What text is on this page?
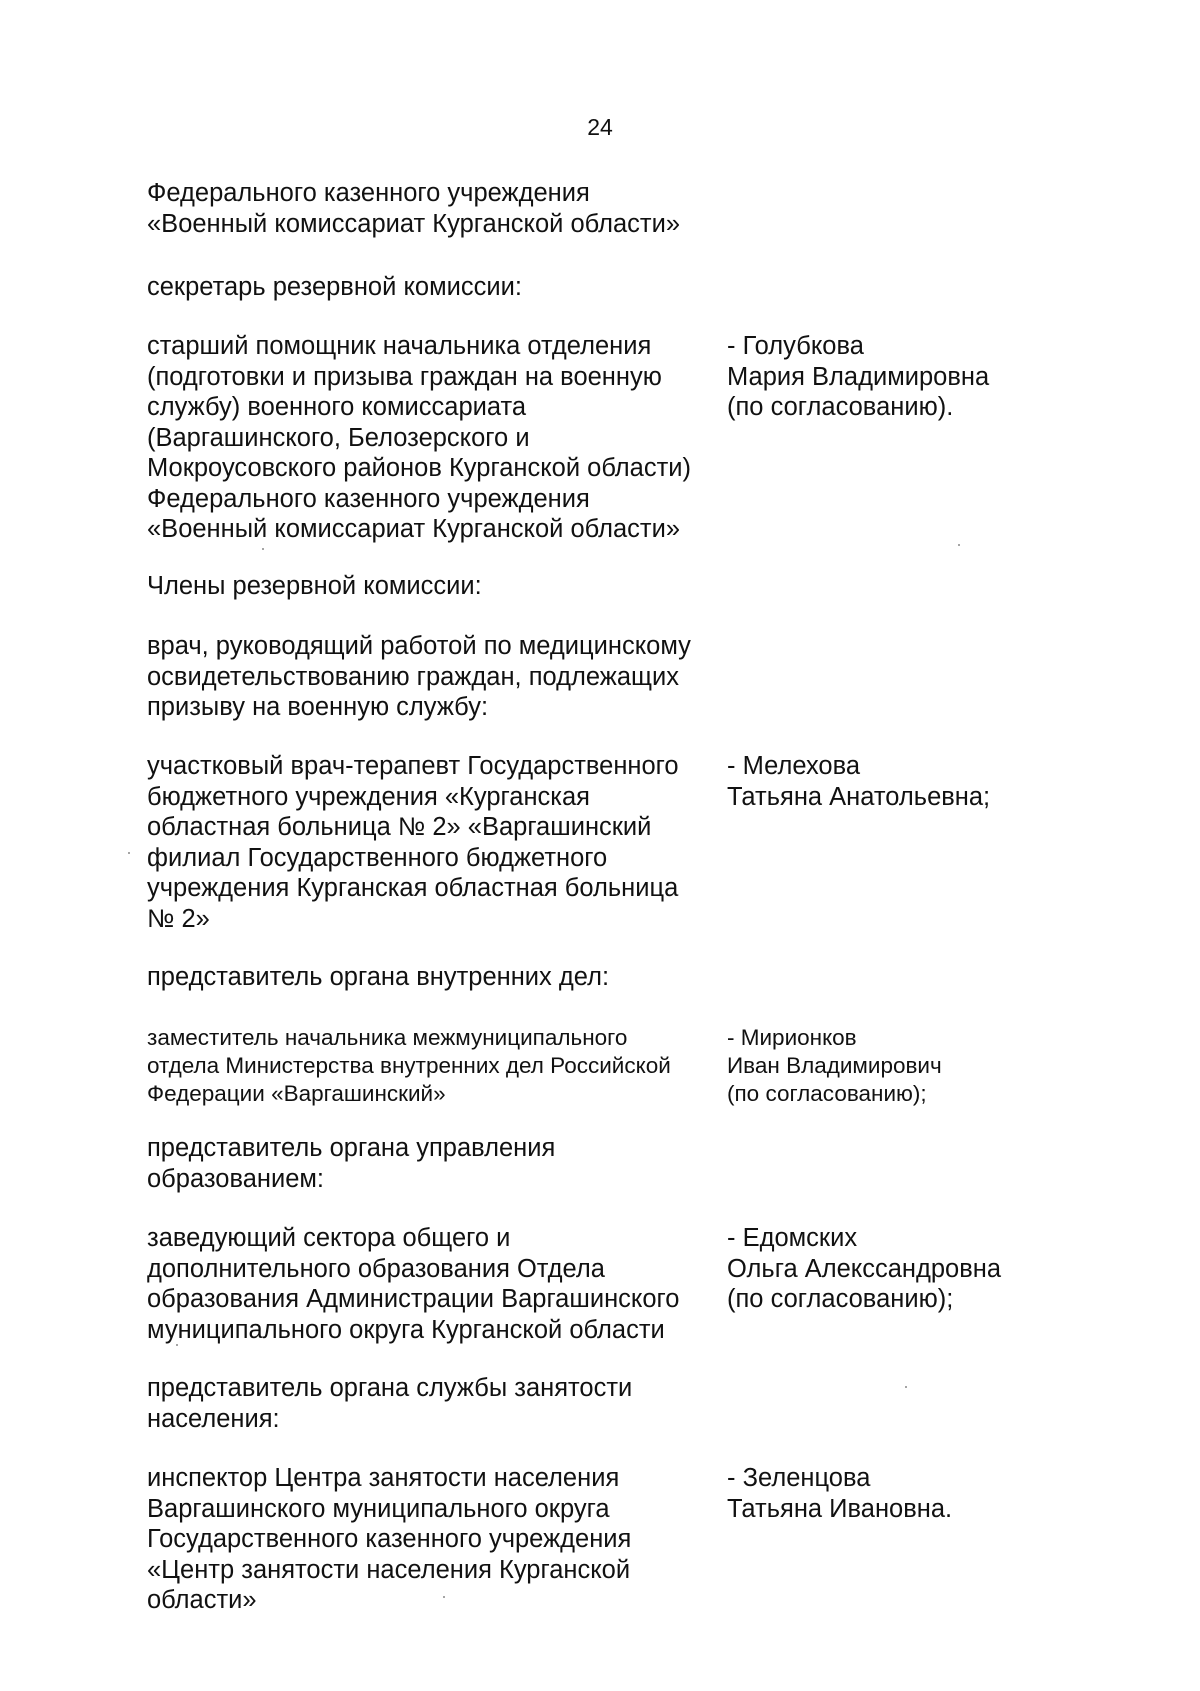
24
Федерального казенного учреждения
«Военный комиссариат Курганской области»
секретарь резервной комиссии:
старший помощник начальника отделения
(подготовки и призыва граждан на военную
службу) военного комиссариата
(Варгашинского, Белозерского и
Мокроусовского районов Курганской области)
Федерального казенного учреждения
«Военный комиссариат Курганской области»
- Голубкова
Мария Владимировна
(по согласованию).
Члены резервной комиссии:
врач, руководящий работой по медицинскому
освидетельствованию граждан, подлежащих
призыву на военную службу:
участковый врач-терапевт Государственного
бюджетного учреждения «Курганская
областная больница № 2» «Варгашинский
филиал Государственного бюджетного
учреждения Курганская областная больница
№ 2»
- Мелехова
Татьяна Анатольевна;
представитель органа внутренних дел:
заместитель начальника межмуниципального
отдела Министерства внутренних дел Российской
Федерации «Варгашинский»
- Мирионков
Иван Владимирович
(по согласованию);
представитель органа управления
образованием:
заведующий сектора общего и
дополнительного образования Отдела
образования Администрации Варгашинского
муниципального округа Курганской области
- Едомских
Ольга Алекссандровна
(по согласованию);
представитель органа службы занятости
населения:
инспектор Центра занятости населения
Варгашинского муниципального округа
Государственного казенного учреждения
«Центр занятости населения Курганской
области»
- Зеленцова
Татьяна Ивановна.
